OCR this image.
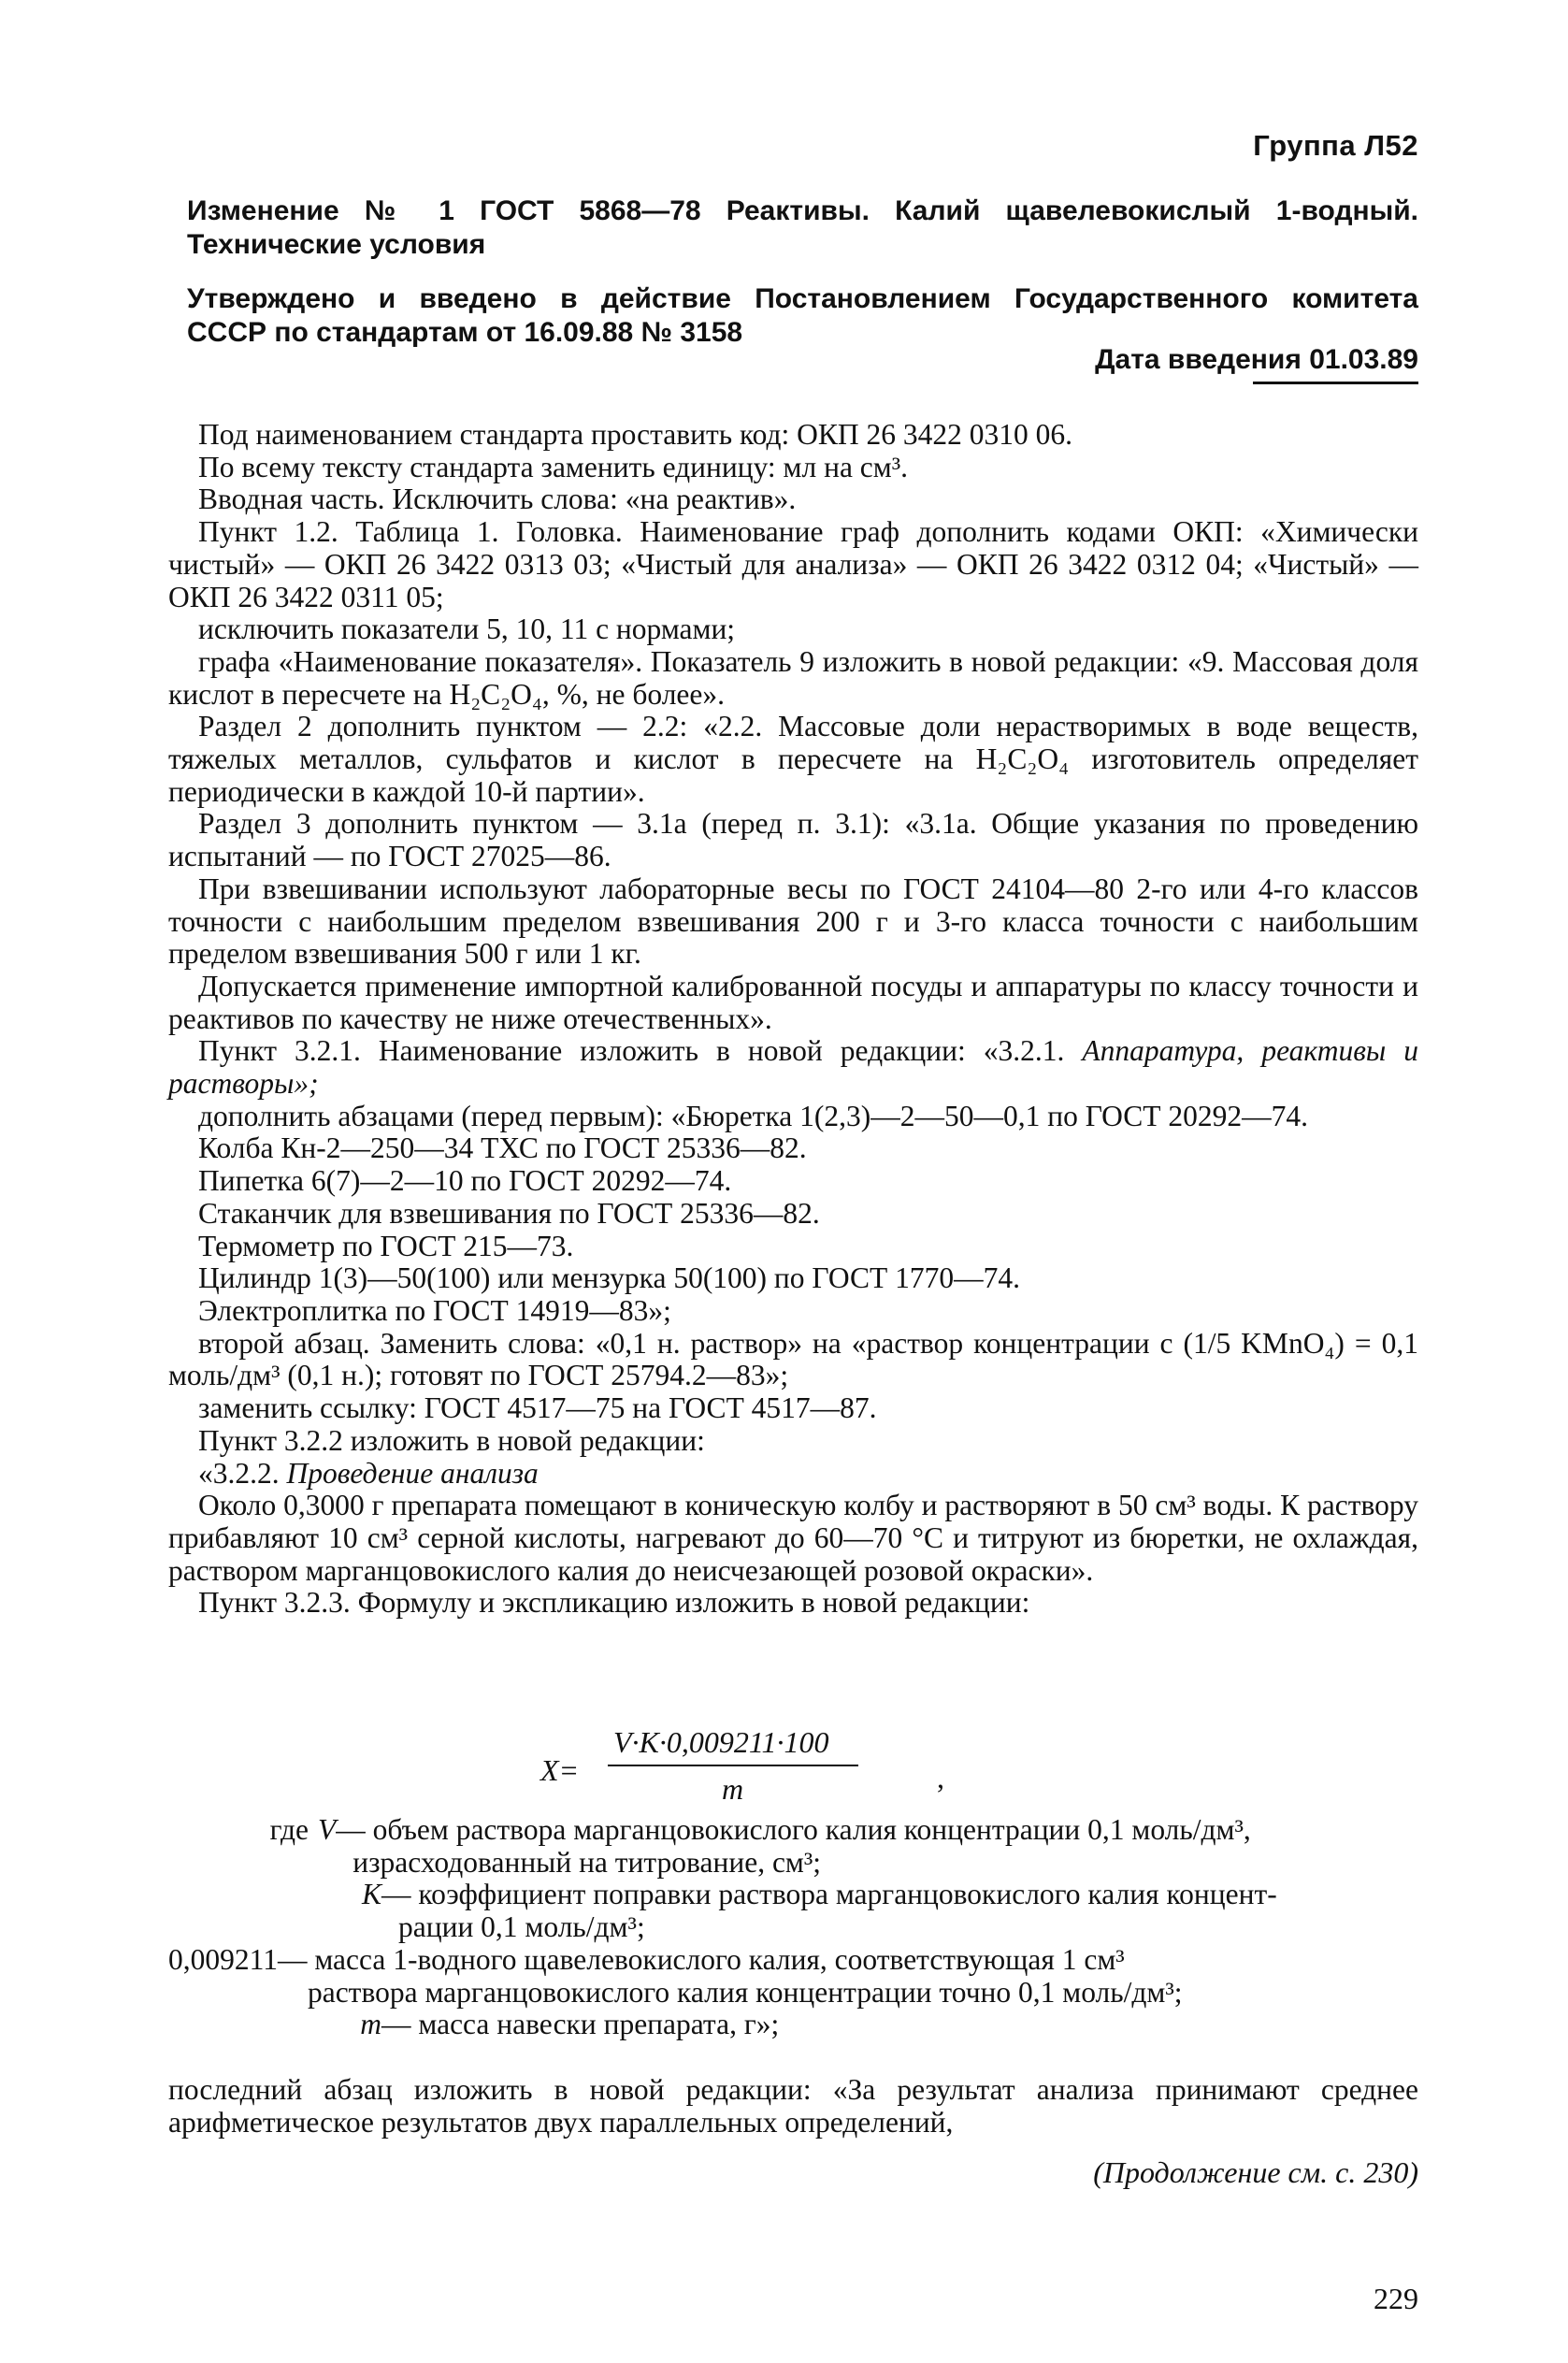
Группа Л52
Изменение № 1 ГОСТ 5868—78 Реактивы. Калий щавелевокислый 1-водный.
Технические условия
Утверждено и введено в действие Постановлением Государственного комитета
СССР по стандартам от 16.09.88 № 3158
Дата введения 01.03.89

Под наименованием стандарта проставить код: ОКП 26 3422 0310 06.

По всему тексту стандарта заменить единицу: мл на см³.

Вводная часть. Исключить слова: «на реактив».

Пункт 1.2. Таблица 1. Головка. Наименование граф дополнить кодами ОКП: «Химически чистый» — ОКП 26 3422 0313 03; «Чистый для анализа» — ОКП 26 3422 0312 04; «Чистый» — ОКП 26 3422 0311 05;

исключить показатели 5, 10, 11 с нормами;

графа «Наименование показателя». Показатель 9 изложить в новой редакции: «9. Массовая доля кислот в пересчете на H₂C₂O₄, %, не более».

Раздел 2 дополнить пунктом — 2.2: «2.2. Массовые доли нерастворимых в воде веществ, тяжелых металлов, сульфатов и кислот в пересчете на H₂C₂O₄ изготовитель определяет периодически в каждой 10-й партии».

Раздел 3 дополнить пунктом — 3.1а (перед п. 3.1): «3.1а. Общие указания по проведению испытаний — по ГОСТ 27025—86.

При взвешивании используют лабораторные весы по ГОСТ 24104—80 2-го или 4-го классов точности с наибольшим пределом взвешивания 200 г и 3-го класса точности с наибольшим пределом взвешивания 500 г или 1 кг.

Допускается применение импортной калиброванной посуды и аппаратуры по классу точности и реактивов по качеству не ниже отечественных».

Пункт 3.2.1. Наименование изложить в новой редакции: «3.2.1. Аппаратура, реактивы и растворы»;

дополнить абзацами (перед первым): «Бюретка 1(2,3)—2—50—0,1 по ГОСТ 20292—74.

Колба Кн-2—250—34 ТХС по ГОСТ 25336—82.

Пипетка 6(7)—2—10 по ГОСТ 20292—74.

Стаканчик для взвешивания по ГОСТ 25336—82.

Термометр по ГОСТ 215—73.

Цилиндр 1(3)—50(100) или мензурка 50(100) по ГОСТ 1770—74.

Электроплитка по ГОСТ 14919—83»;

второй абзац. Заменить слова: «0,1 н. раствор» на «раствор концентрации c (1/5 KMnO₄) = 0,1 моль/дм³ (0,1 н.); готовят по ГОСТ 25794.2—83»;

заменить ссылку: ГОСТ 4517—75 на ГОСТ 4517—87.

Пункт 3.2.2 изложить в новой редакции:

«3.2.2. Проведение анализа

Около 0,3000 г препарата помещают в коническую колбу и растворяют в 50 см³ воды. К раствору прибавляют 10 см³ серной кислоты, нагревают до 60—70 °С и титруют из бюретки, не охлаждая, раствором марганцовокислого калия до неисчезающей розовой окраски».

Пункт 3.2.3. Формулу и экспликацию изложить в новой редакции:

X=
V·K·0,009211·100
m	,
где V — объем раствора марганцовокислого калия концентрации 0,1 моль/дм³,
израсходованный на титрование, см³;
K — коэффициент поправки раствора марганцовокислого калия концент-
рации 0,1 моль/дм³;
0,009211 — масса 1-водного щавелевокислого калия, соответствующая 1 см³
раствора марганцовокислого калия концентрации точно 0,1 моль/дм³;
m — масса навески препарата, г»;

последний абзац изложить в новой редакции: «За результат анализа принимают среднее арифметическое результатов двух параллельных определений,

(Продолжение см. с. 230)
229
